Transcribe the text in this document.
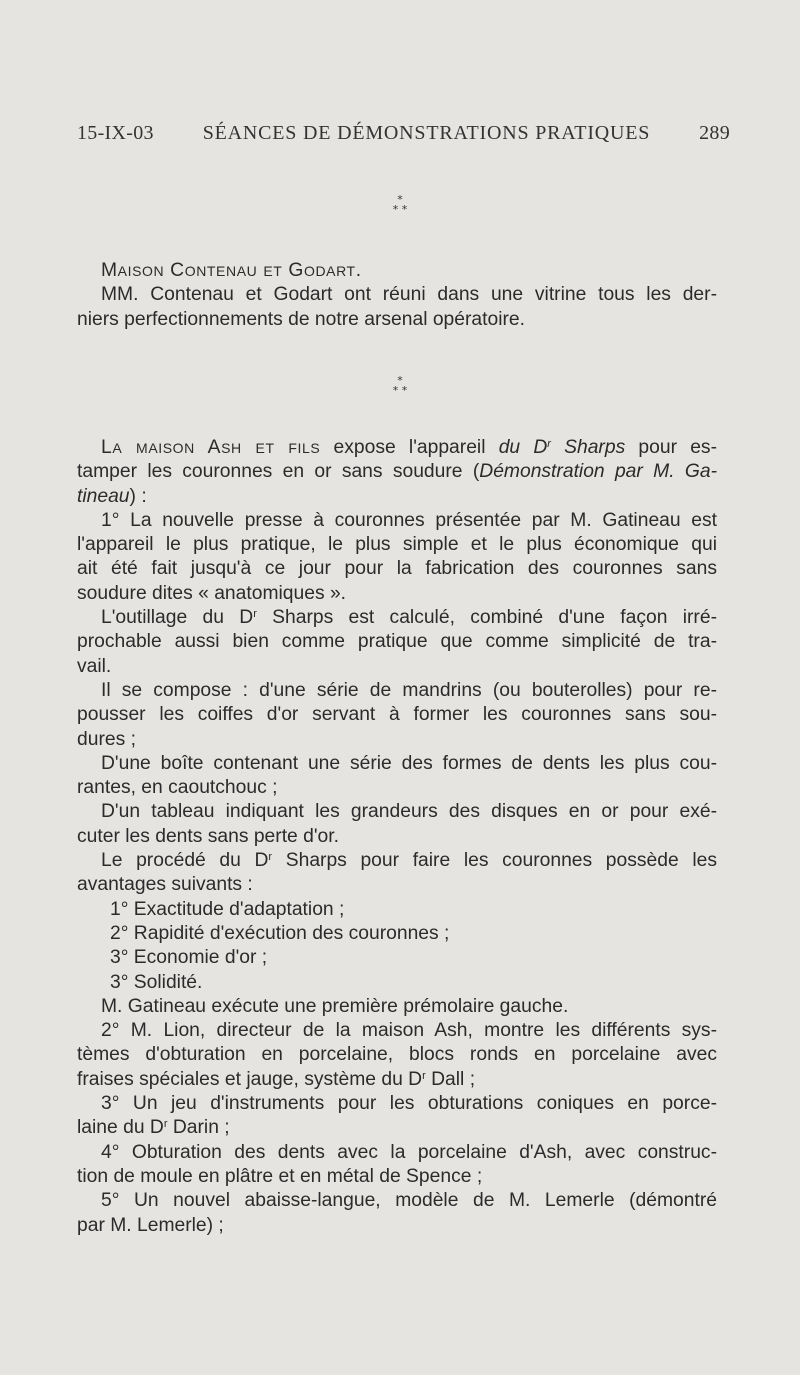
15-IX-03 SÉANCES DE DÉMONSTRATIONS PRATIQUES 289
*
* *

Maison Contenau et Godart.

MM. Contenau et Godart ont réuni dans une vitrine tous les der-

niers perfectionnements de notre arsenal opératoire.

*
* *

La maison Ash et fils expose l'appareil du $D^r$ Sharps pour es-

tamper les couronnes en or sans soudure (Démonstration par M. Ga-

tineau) :

1° La nouvelle presse à couronnes présentée par M. Gatineau est

l'appareil le plus pratique, le plus simple et le plus économique qui

ait été fait jusqu'à ce jour pour la fabrication des couronnes sans

soudure dites « anatomiques ».

L'outillage du $D^r$ Sharps est calculé, combiné d'une façon irré-

prochable aussi bien comme pratique que comme simplicité de tra-

vail.

Il se compose : d'une série de mandrins (ou bouterolles) pour re-

pousser les coiffes d'or servant à former les couronnes sans sou-

dures ;

D'une boîte contenant une série des formes de dents les plus cou-

rantes, en caoutchouc ;

D'un tableau indiquant les grandeurs des disques en or pour exé-

cuter les dents sans perte d'or.

Le procédé du $D^r$ Sharps pour faire les couronnes possède les

avantages suivants :

1° Exactitude d'adaptation ;

2° Rapidité d'exécution des couronnes ;

3° Economie d'or ;

3° Solidité.

M. Gatineau exécute une première prémolaire gauche.

2° M. Lion, directeur de la maison Ash, montre les différents sys-

tèmes d'obturation en porcelaine, blocs ronds en porcelaine avec

fraises spéciales et jauge, système du $D^r$ Dall ;

3° Un jeu d'instruments pour les obturations coniques en porce-

laine du $D^r$ Darin ;

4° Obturation des dents avec la porcelaine d'Ash, avec construc-

tion de moule en plâtre et en métal de Spence ;

5° Un nouvel abaisse-langue, modèle de M. Lemerle (démontré

par M. Lemerle) ;
